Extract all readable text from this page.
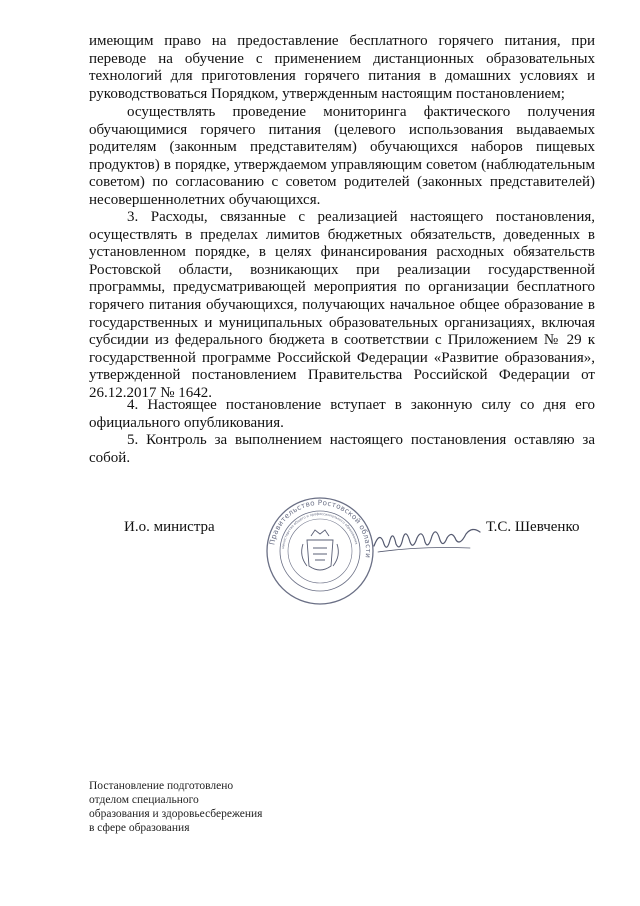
имеющим право на предоставление бесплатного горячего питания, при переводе на обучение с применением дистанционных образовательных технологий для приготовления горячего питания в домашних условиях и руководствоваться Порядком, утвержденным настоящим постановлением;

осуществлять проведение мониторинга фактического получения обучающимися горячего питания (целевого использования выдаваемых родителям (законным представителям) обучающихся наборов пищевых продуктов) в порядке, утверждаемом управляющим советом (наблюдательным советом) по согласованию с советом родителей (законных представителей) несовершеннолетних обучающихся.

3. Расходы, связанные с реализацией настоящего постановления, осуществлять в пределах лимитов бюджетных обязательств, доведенных в установленном порядке, в целях финансирования расходных обязательств Ростовской области, возникающих при реализации государственной программы, предусматривающей мероприятия по организации бесплатного горячего питания обучающихся, получающих начальное общее образование в государственных и муниципальных образовательных организациях, включая субсидии из федерального бюджета в соответствии с Приложением № 29 к государственной программе Российской Федерации «Развитие образования», утвержденной постановлением Правительства Российской Федерации от 26.12.2017 № 1642.

4. Настоящее постановление вступает в законную силу со дня его официального опубликования.

5. Контроль за выполнением настоящего постановления оставляю за собой.

И.о. министра
Правительство Ростовской области
министерство общего и профессионального образования
Т.С. Шевченко
Постановление подготовлено
отделом специального
образования и здоровьесбережения
в сфере образования
